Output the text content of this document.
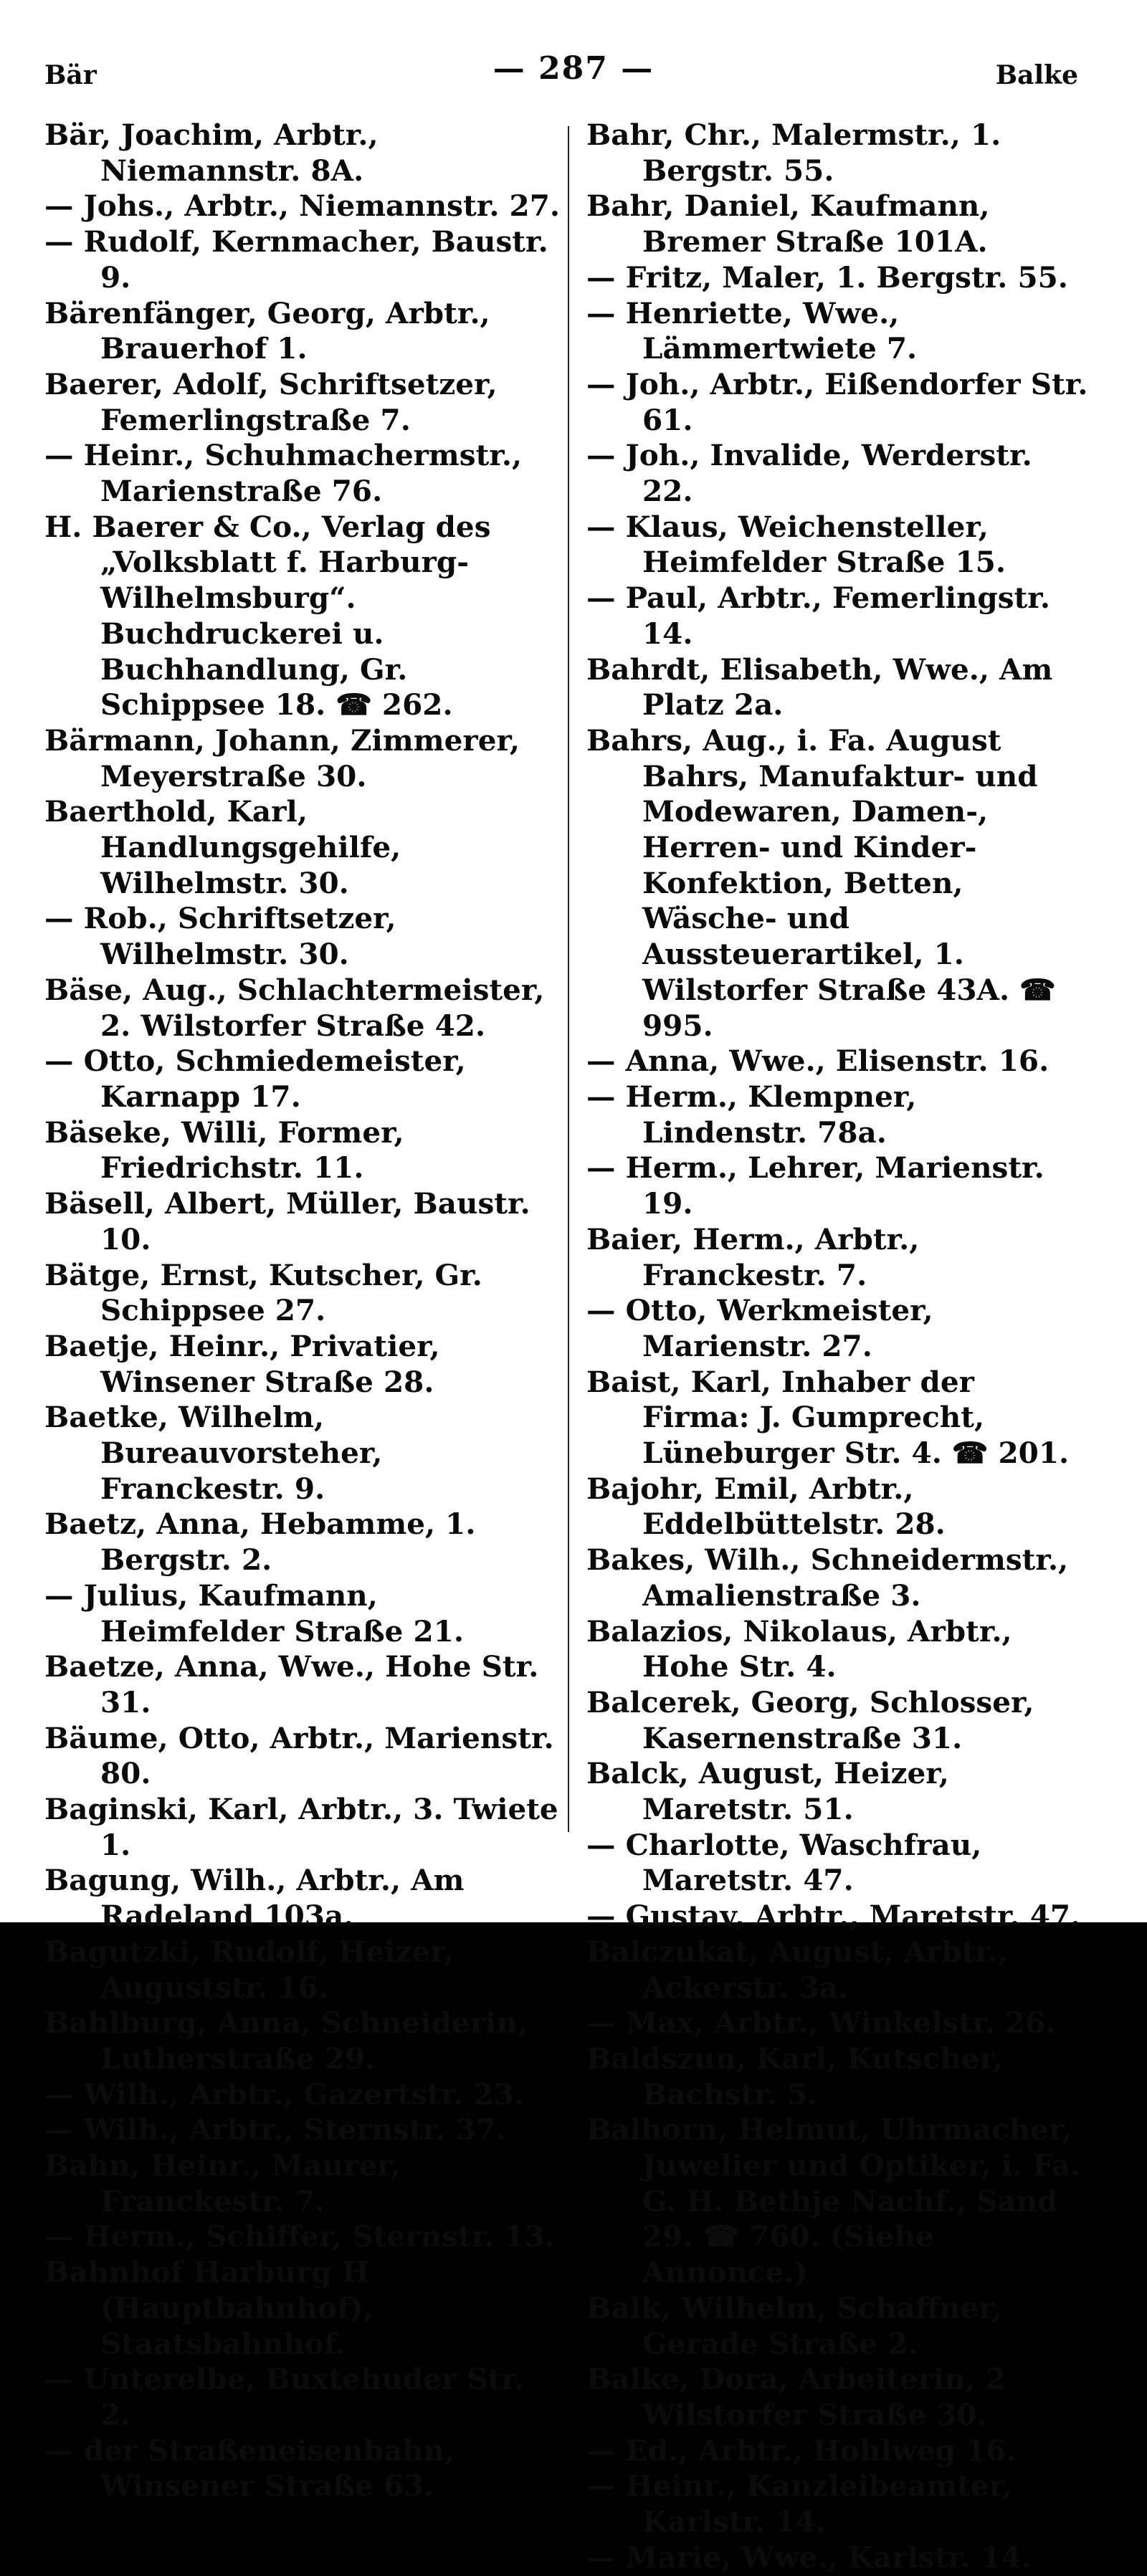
Bär	— 287 —	Balke
Bär, Joachim, Arbtr., Niemannstr. 8A.
— Johs., Arbtr., Niemannstr. 27.
— Rudolf, Kernmacher, Baustr. 9.
Bärenfänger, Georg, Arbtr., Brauerhof 1.
Baerer, Adolf, Schriftsetzer, Femerlingstraße 7.
— Heinr., Schuhmachermstr., Marienstraße 76.
H. Baerer & Co., Verlag des „Volksblatt f. Harburg-Wilhelmsburg“. Buchdruckerei u. Buchhandlung, Gr. Schippsee 18. ☎ 262.
Bärmann, Johann, Zimmerer, Meyerstraße 30.
Baerthold, Karl, Handlungsgehilfe, Wilhelmstr. 30.
— Rob., Schriftsetzer, Wilhelmstr. 30.
Bäse, Aug., Schlachtermeister, 2. Wilstorfer Straße 42.
— Otto, Schmiedemeister, Karnapp 17.
Bäseke, Willi, Former, Friedrichstr. 11.
Bäsell, Albert, Müller, Baustr. 10.
Bätge, Ernst, Kutscher, Gr. Schippsee 27.
Baetje, Heinr., Privatier, Winsener Straße 28.
Baetke, Wilhelm, Bureauvorsteher, Franckestr. 9.
Baetz, Anna, Hebamme, 1. Bergstr. 2.
— Julius, Kaufmann, Heimfelder Straße 21.
Baetze, Anna, Wwe., Hohe Str. 31.
Bäume, Otto, Arbtr., Marienstr. 80.
Baginski, Karl, Arbtr., 3. Twiete 1.
Bagung, Wilh., Arbtr., Am Radeland 103a.
Bagutzki, Rudolf, Heizer, Auguststr. 16.
Bahlburg, Anna, Schneiderin, Lutherstraße 29.
— Wilh., Arbtr., Gazertstr. 23.
— Wilh., Arbtr., Sternstr. 37.
Bahn, Heinr., Maurer, Franckestr. 7.
— Herm., Schiffer, Sternstr. 13.
Bahnhof Harburg H (Hauptbahnhof), Staatsbahnhof.
— Unterelbe, Buxtehuder Str. 2.
— der Straßeneisenbahn, Winsener Straße 63.
Bahr, Chr., Malermstr., 1. Bergstr. 55.
Bahr, Daniel, Kaufmann, Bremer Straße 101A.
— Fritz, Maler, 1. Bergstr. 55.
— Henriette, Wwe., Lämmertwiete 7.
— Joh., Arbtr., Eißendorfer Str. 61.
— Joh., Invalide, Werderstr. 22.
— Klaus, Weichensteller, Heimfelder Straße 15.
— Paul, Arbtr., Femerlingstr. 14.
Bahrdt, Elisabeth, Wwe., Am Platz 2a.
Bahrs, Aug., i. Fa. August Bahrs, Manufaktur- und Modewaren, Damen-, Herren- und Kinder-Konfektion, Betten, Wäsche- und Aussteuerartikel, 1. Wilstorfer Straße 43A. ☎ 995.
— Anna, Wwe., Elisenstr. 16.
— Herm., Klempner, Lindenstr. 78a.
— Herm., Lehrer, Marienstr. 19.
Baier, Herm., Arbtr., Franckestr. 7.
— Otto, Werkmeister, Marienstr. 27.
Baist, Karl, Inhaber der Firma: J. Gumprecht, Lüneburger Str. 4. ☎ 201.
Bajohr, Emil, Arbtr., Eddelbüttelstr. 28.
Bakes, Wilh., Schneidermstr., Amalienstraße 3.
Balazios, Nikolaus, Arbtr., Hohe Str. 4.
Balcerek, Georg, Schlosser, Kasernenstraße 31.
Balck, August, Heizer, Maretstr. 51.
— Charlotte, Waschfrau, Maretstr. 47.
— Gustav, Arbtr., Maretstr. 47.
Balczukat, August, Arbtr., Ackerstr. 3a.
— Max, Arbtr., Winkelstr. 26.
Baldszun, Karl, Kutscher, Bachstr. 5.
Balhorn, Helmut, Uhrmacher, Juwelier und Optiker, i. Fa. G. H. Bethje Nachf., Sand 29. ☎ 760. (Siehe Annonce.)
Balk, Wilhelm, Schaffner, Gerade Straße 2.
Balke, Dora, Arbeiterin, 2 Wilstorfer Straße 30.
— Ed., Arbtr., Hohlweg 16.
— Heinr., Kanzleibeamter, Karlstr. 14.
— Marie, Wwe., Karlstr. 14.
